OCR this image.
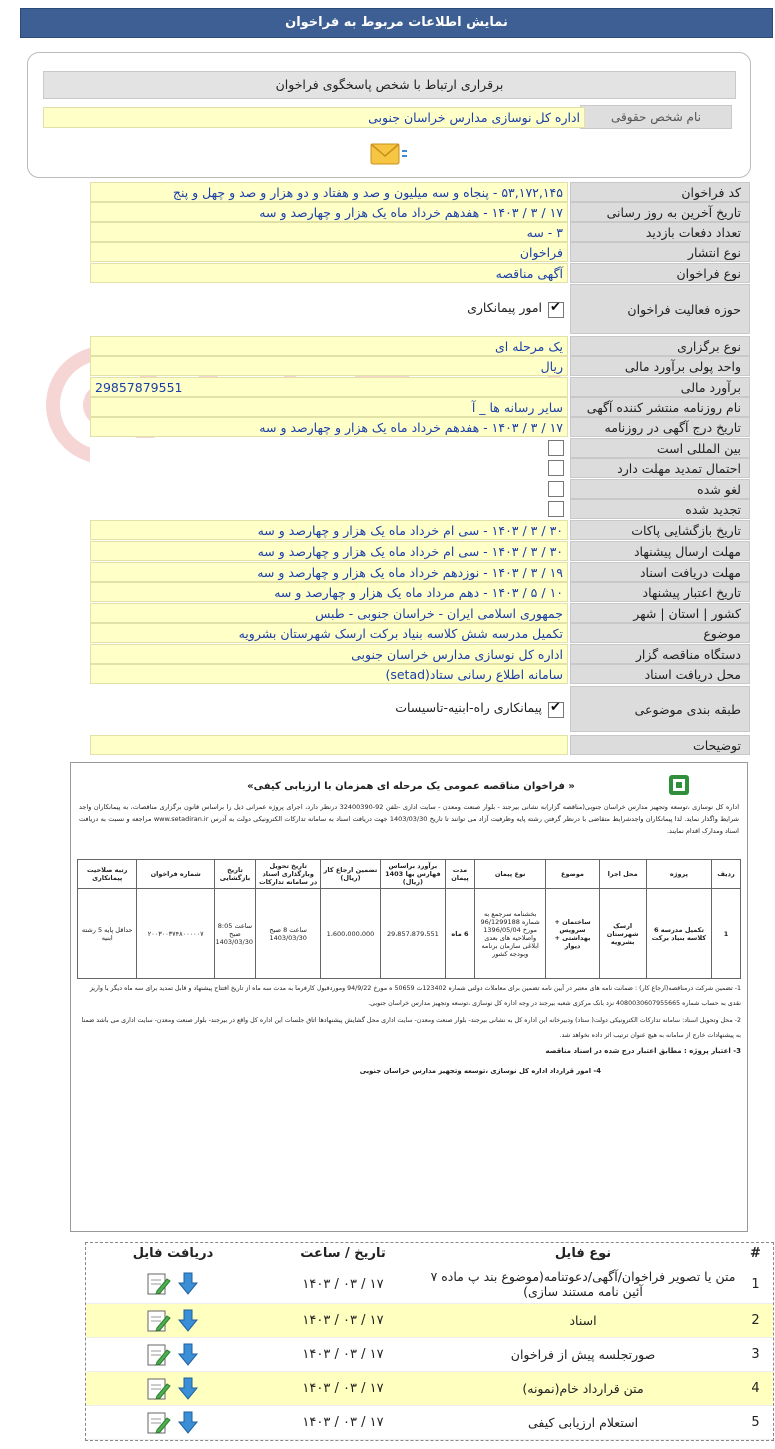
نمایش اطلاعات مربوط به فراخوان
برقراری ارتباط با شخص پاسخگوی فراخوان
نام شخص حقوقی
اداره کل نوسازی مدارس خراسان جنوبی
کد فراخوان
۵۳,۱۷۲,۱۴۵ - پنجاه و سه میلیون و صد و هفتاد و دو هزار و صد و چهل و پنج
تاریخ آخرین به روز رسانی
۱۷ / ۳ / ۱۴۰۳ - هفدهم خرداد ماه یک هزار و چهارصد و سه
تعداد دفعات بازدید
۳ - سه
نوع انتشار
فراخوان
نوع فراخوان
آگهی مناقصه
حوزه فعالیت فراخوان
✔
امور پیمانکاری
نوع برگزاری
یک مرحله ای
واحد پولی برآورد مالی
ریال
برآورد مالی
29857879551
نام روزنامه منتشر کننده آگهی
سایر رسانه ها _ آ
تاریخ درج آگهی در روزنامه
۱۷ / ۳ / ۱۴۰۳ - هفدهم خرداد ماه یک هزار و چهارصد و سه
بین المللی است
احتمال تمدید مهلت دارد
لغو شده
تجدید شده
تاریخ بازگشایی پاکات
۳۰ / ۳ / ۱۴۰۳ - سی ام خرداد ماه یک هزار و چهارصد و سه
مهلت ارسال پیشنهاد
۳۰ / ۳ / ۱۴۰۳ - سی ام خرداد ماه یک هزار و چهارصد و سه
مهلت دریافت اسناد
۱۹ / ۳ / ۱۴۰۳ - نوزدهم خرداد ماه یک هزار و چهارصد و سه
تاریخ اعتبار پیشنهاد
۱۰ / ۵ / ۱۴۰۳ - دهم مرداد ماه یک هزار و چهارصد و سه
کشور | استان | شهر
جمهوری اسلامی ایران - خراسان جنوبی - طبس
موضوع
تکمیل مدرسه شش کلاسه بنیاد برکت ارسک شهرستان بشرویه
دستگاه مناقصه گزار
اداره کل نوسازی مدارس خراسان جنوبی
محل دریافت اسناد
سامانه اطلاع رسانی ستاد(setad)
طبقه بندی موضوعی
✔
پیمانکاری راه-ابنیه-تاسیسات
توضیحات
« فراخوان مناقصه عمومی یک مرحله ای همزمان با ارزیابی کیفی»
اداره کل نوسازی ،توسعه وتجهیز مدارس خراسان جنوبی(مناقصه گزار)به نشانی بیرجند - بلوار صنعت ومعدن - سایت اداری -تلفن 92-32400390 درنظر دارد، اجرای پروژه عمرانی ذیل را براساس قانون برگزاری مناقصات، به پیمانکاران واجد شرایط واگذار نماید. لذا پیمانکاران واجدشرایط متقاضی با درنظر گرفتن رشته پایه وظرفیت آزاد می توانند تا تاریخ 1403/03/30 جهت دریافت اسناد به سامانه تدارکات الکترونیکی دولت به آدرس www.setadiran.ir مراجعه و نسبت به دریافت اسناد ومدارک اقدام نمایند.
ردیف	پروژه	محل اجرا	موضوع	نوع پیمان	مدت پیمان	برآورد براساس فهارس بها 1403 (ریال)	تضمین ارجاع کار (ریال)	تاریخ تحویل وبارگذاری اسناد در سامانه تدارکات	تاریخ بازگشایی	شماره فراخوان	رتبه صلاحیت پیمانکاری
1	تکمیل مدرسه 6 کلاسه بنیاد برکت	ارسک شهرستان بشرویه	ساختمان + سرویس بهداشتی + دیوار	بخشنامه سرجمع به شماره 96/1299188 مورخ 1396/05/04 واصلاحیه های بعدی ابلاغی سازمان برنامه وبودجه کشور	6 ماه	29،857،879،551	1،600،000،000	ساعت 8 صبح 1403/03/30	ساعت 8:05 صبح 1403/03/30	۲۰۰۳۰۰۳۷۴۸۰۰۰۰۰۷	حداقل پایه 5 رشته ابنیه
1- تضمین شرکت درمناقصه(ارجاع کار) : ضمانت نامه های معتبر در آیین نامه تضمین برای معاملات دولتی شماره 123402ت 50659 ه مورخ 94/9/22 وموردقبول کارفرما به مدت سه ماه از تاریخ افتتاح پیشنهاد و قابل تمدید برای سه ماه دیگر یا واریز نقدی به حساب شماره 4080030607955665 نزد بانک مرکزی شعبه بیرجند در وجه اداره کل نوسازی ،توسعه وتجهیز مدارس خراسان جنوبی.
2- محل وتحویل اسناد: سامانه تدارکات الکترونیکی دولت( ستاد) ودبیرخانه این اداره کل به نشانی بیرجند- بلوار صنعت ومعدن- سایت اداری محل گشایش پیشنهادها اتاق جلسات این اداره کل واقع در بیرجند- بلوار صنعت ومعدن- سایت اداری می باشد ضمنا به پیشنهادات خارج از سامانه به هیچ عنوان ترتیب اثر داده نخواهد شد.
3- اعتبار پروژه : مطابق اعتبار درج شده در اسناد مناقصه
4- امور قرارداد اداره کل نوسازی ،توسعه وتجهیز مدارس خراسان جنوبی
#
نوع فایل
تاریخ / ساعت
دریافت فایل
1
متن یا تصویر فراخوان/آگهی/دعوتنامه(موضوع بند پ ماده ۷ آئین نامه مستند سازی)
۱۷ / ۰۳ / ۱۴۰۳
2
اسناد
۱۷ / ۰۳ / ۱۴۰۳
3
صورتجلسه پیش از فراخوان
۱۷ / ۰۳ / ۱۴۰۳
4
متن قرارداد خام(نمونه)
۱۷ / ۰۳ / ۱۴۰۳
5
استعلام ارزیابی کیفی
۱۷ / ۰۳ / ۱۴۰۳
